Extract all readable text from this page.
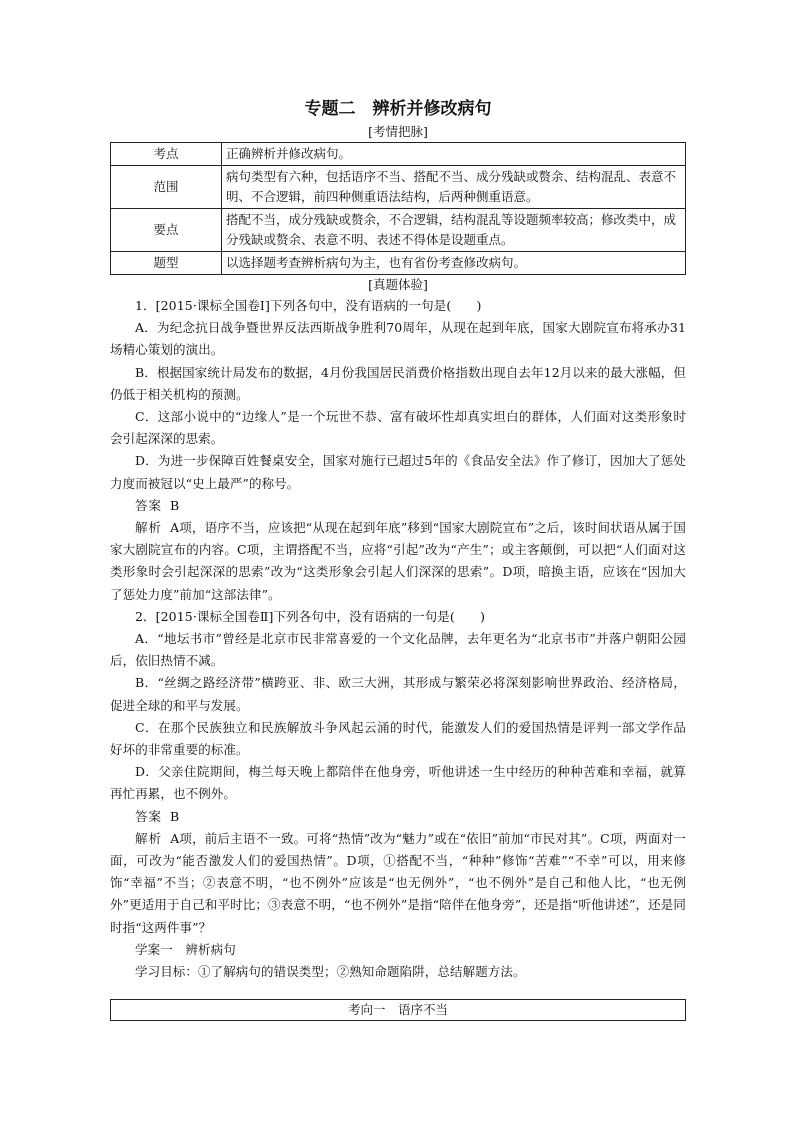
专题二　辨析并修改病句
[考情把脉]
考点	正确辨析并修改病句。
范围	病句类型有六种，包括语序不当、搭配不当、成分残缺或赘余、结构混乱、表意不明、不合逻辑，前四种侧重语法结构，后两种侧重语意。
要点	搭配不当，成分残缺或赘余，不合逻辑，结构混乱等设题频率较高；修改类中，成分残缺或赘余、表意不明、表述不得体是设题重点。
题型	以选择题考查辨析病句为主，也有省份考查修改病句。
[真题体验]

1．[2015·课标全国卷Ⅰ]下列各句中，没有语病的一句是(　　)

A．为纪念抗日战争暨世界反法西斯战争胜利70周年，从现在起到年底，国家大剧院宣布将承办31场精心策划的演出。

B．根据国家统计局发布的数据，4月份我国居民消费价格指数出现自去年12月以来的最大涨幅，但仍低于相关机构的预测。

C．这部小说中的“边缘人”是一个玩世不恭、富有破坏性却真实坦白的群体，人们面对这类形象时会引起深深的思索。

D．为进一步保障百姓餐桌安全，国家对施行已超过5年的《食品安全法》作了修订，因加大了惩处力度而被冠以“史上最严”的称号。

答案 B

解析 A项，语序不当，应该把“从现在起到年底”移到“国家大剧院宣布”之后，该时间状语从属于国家大剧院宣布的内容。C项，主谓搭配不当，应将“引起”改为“产生”；或主客颠倒，可以把“人们面对这类形象时会引起深深的思索”改为“这类形象会引起人们深深的思索”。D项，暗换主语，应该在“因加大了惩处力度”前加“这部法律”。

2．[2015·课标全国卷Ⅱ]下列各句中，没有语病的一句是(　　)

A．“地坛书市”曾经是北京市民非常喜爱的一个文化品牌，去年更名为“北京书市”并落户朝阳公园后，依旧热情不减。

B．“丝绸之路经济带”横跨亚、非、欧三大洲，其形成与繁荣必将深刻影响世界政治、经济格局，促进全球的和平与发展。

C．在那个民族独立和民族解放斗争风起云涌的时代，能激发人们的爱国热情是评判一部文学作品好坏的非常重要的标准。

D．父亲住院期间，梅兰每天晚上都陪伴在他身旁，听他讲述一生中经历的种种苦难和幸福，就算再忙再累，也不例外。

答案 B

解析 A项，前后主语不一致。可将“热情”改为“魅力”或在“依旧”前加“市民对其”。C项，两面对一面，可改为“能否激发人们的爱国热情”。D项，①搭配不当，“种种”修饰“苦难”“不幸”可以，用来修饰“幸福”不当；②表意不明，“也不例外”应该是“也无例外”，“也不例外”是自己和他人比，“也无例外”更适用于自己和平时比；③表意不明，“也不例外”是指“陪伴在他身旁”，还是指“听他讲述”，还是同时指“这两件事”？

学案一　辨析病句

学习目标：①了解病句的错误类型；②熟知命题陷阱，总结解题方法。

考向一　语序不当
